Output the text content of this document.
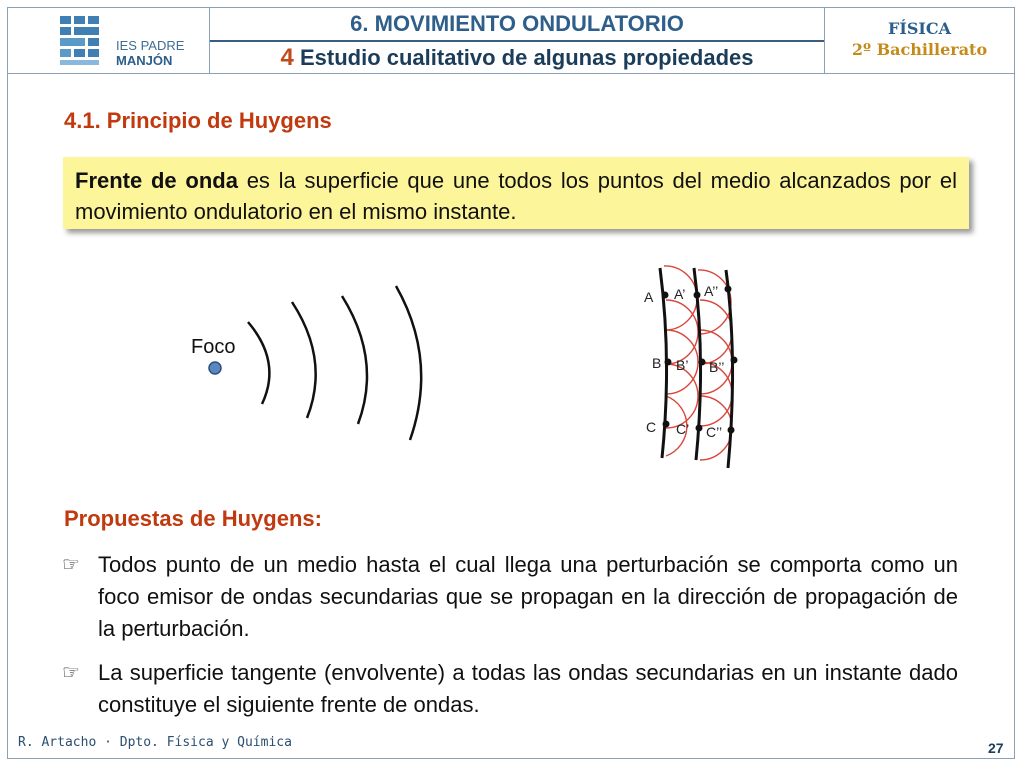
IES PADRE
MANJÓN
6. MOVIMIENTO ONDULATORIO
4 Estudio cualitativo de algunas propiedades
FÍSICA
2º Bachillerato
4.1. Principio de Huygens
Frente de onda es la superficie que une todos los puntos del medio alcanzados por el movimiento ondulatorio en el mismo instante.
Foco
A A’ A’’
B B’ B’’
C C’ C’’
Propuestas de Huygens:
☞ Todos punto de un medio hasta el cual llega una perturbación se comporta como un foco emisor de ondas secundarias que se propagan en la dirección de propagación de la perturbación.
☞ La superficie tangente (envolvente) a todas las ondas secundarias en un instante dado constituye el siguiente frente de ondas.
R. Artacho · Dpto. Física y Química	27
